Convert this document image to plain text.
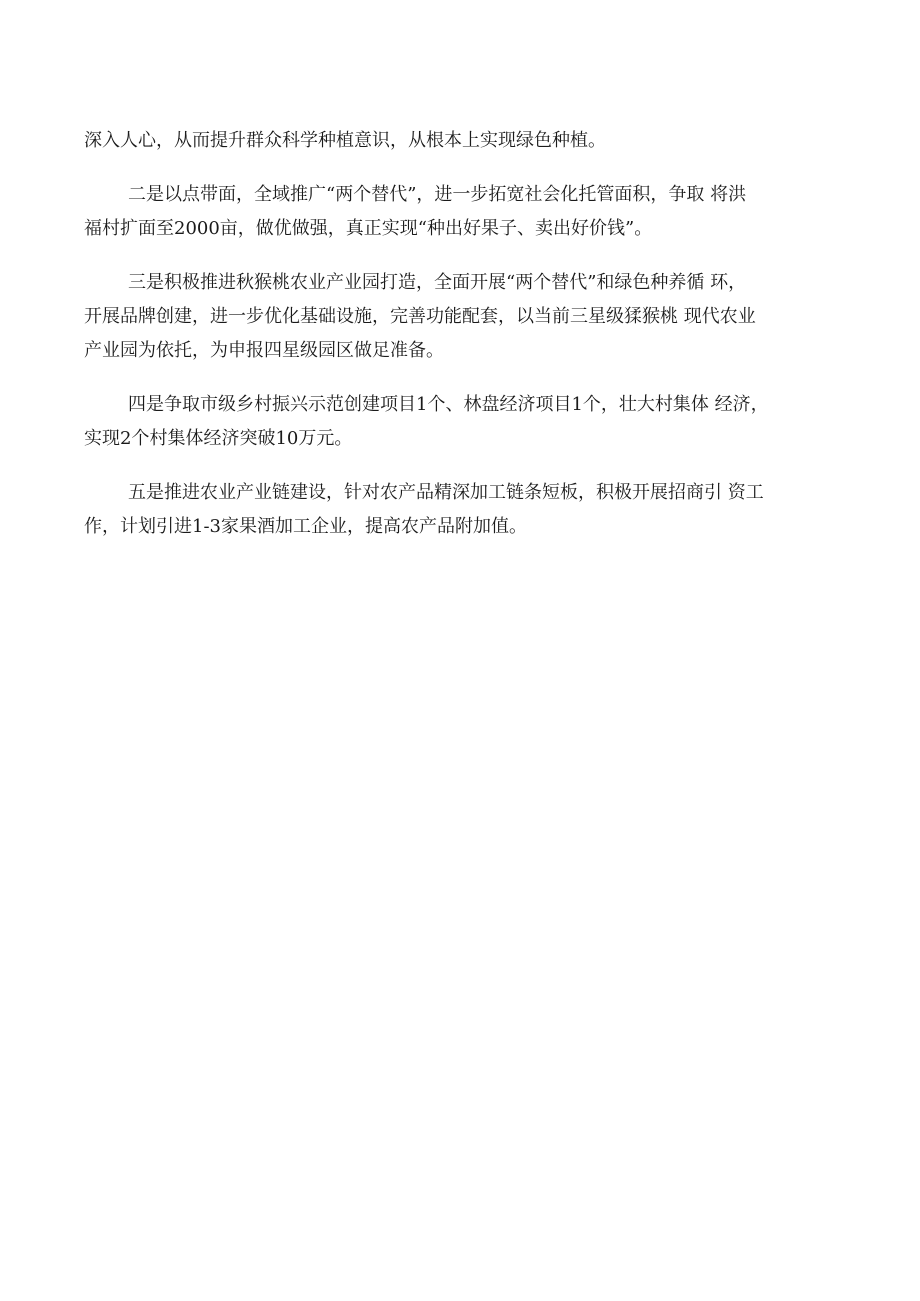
深入人心，从而提升群众科学种植意识，从根本上实现绿色种植。
二是以点带面，全域推广“两个替代”，进一步拓宽社会化托管面积，争取 将洪
福村扩面至2000亩，做优做强，真正实现“种出好果子、卖出好价钱”。
三是积极推进秋猴桃农业产业园打造，全面开展“两个替代”和绿色种养循 环，
开展品牌创建，进一步优化基础设施，完善功能配套，以当前三星级猱猴桃 现代农业
产业园为依托，为申报四星级园区做足准备。
四是争取市级乡村振兴示范创建项目1个、林盘经济项目1个，壮大村集体 经济，
实现2个村集体经济突破10万元。
五是推进农业产业链建设，针对农产品精深加工链条短板，积极开展招商引 资工
作，计划引进1-3家果酒加工企业，提高农产品附加值。
